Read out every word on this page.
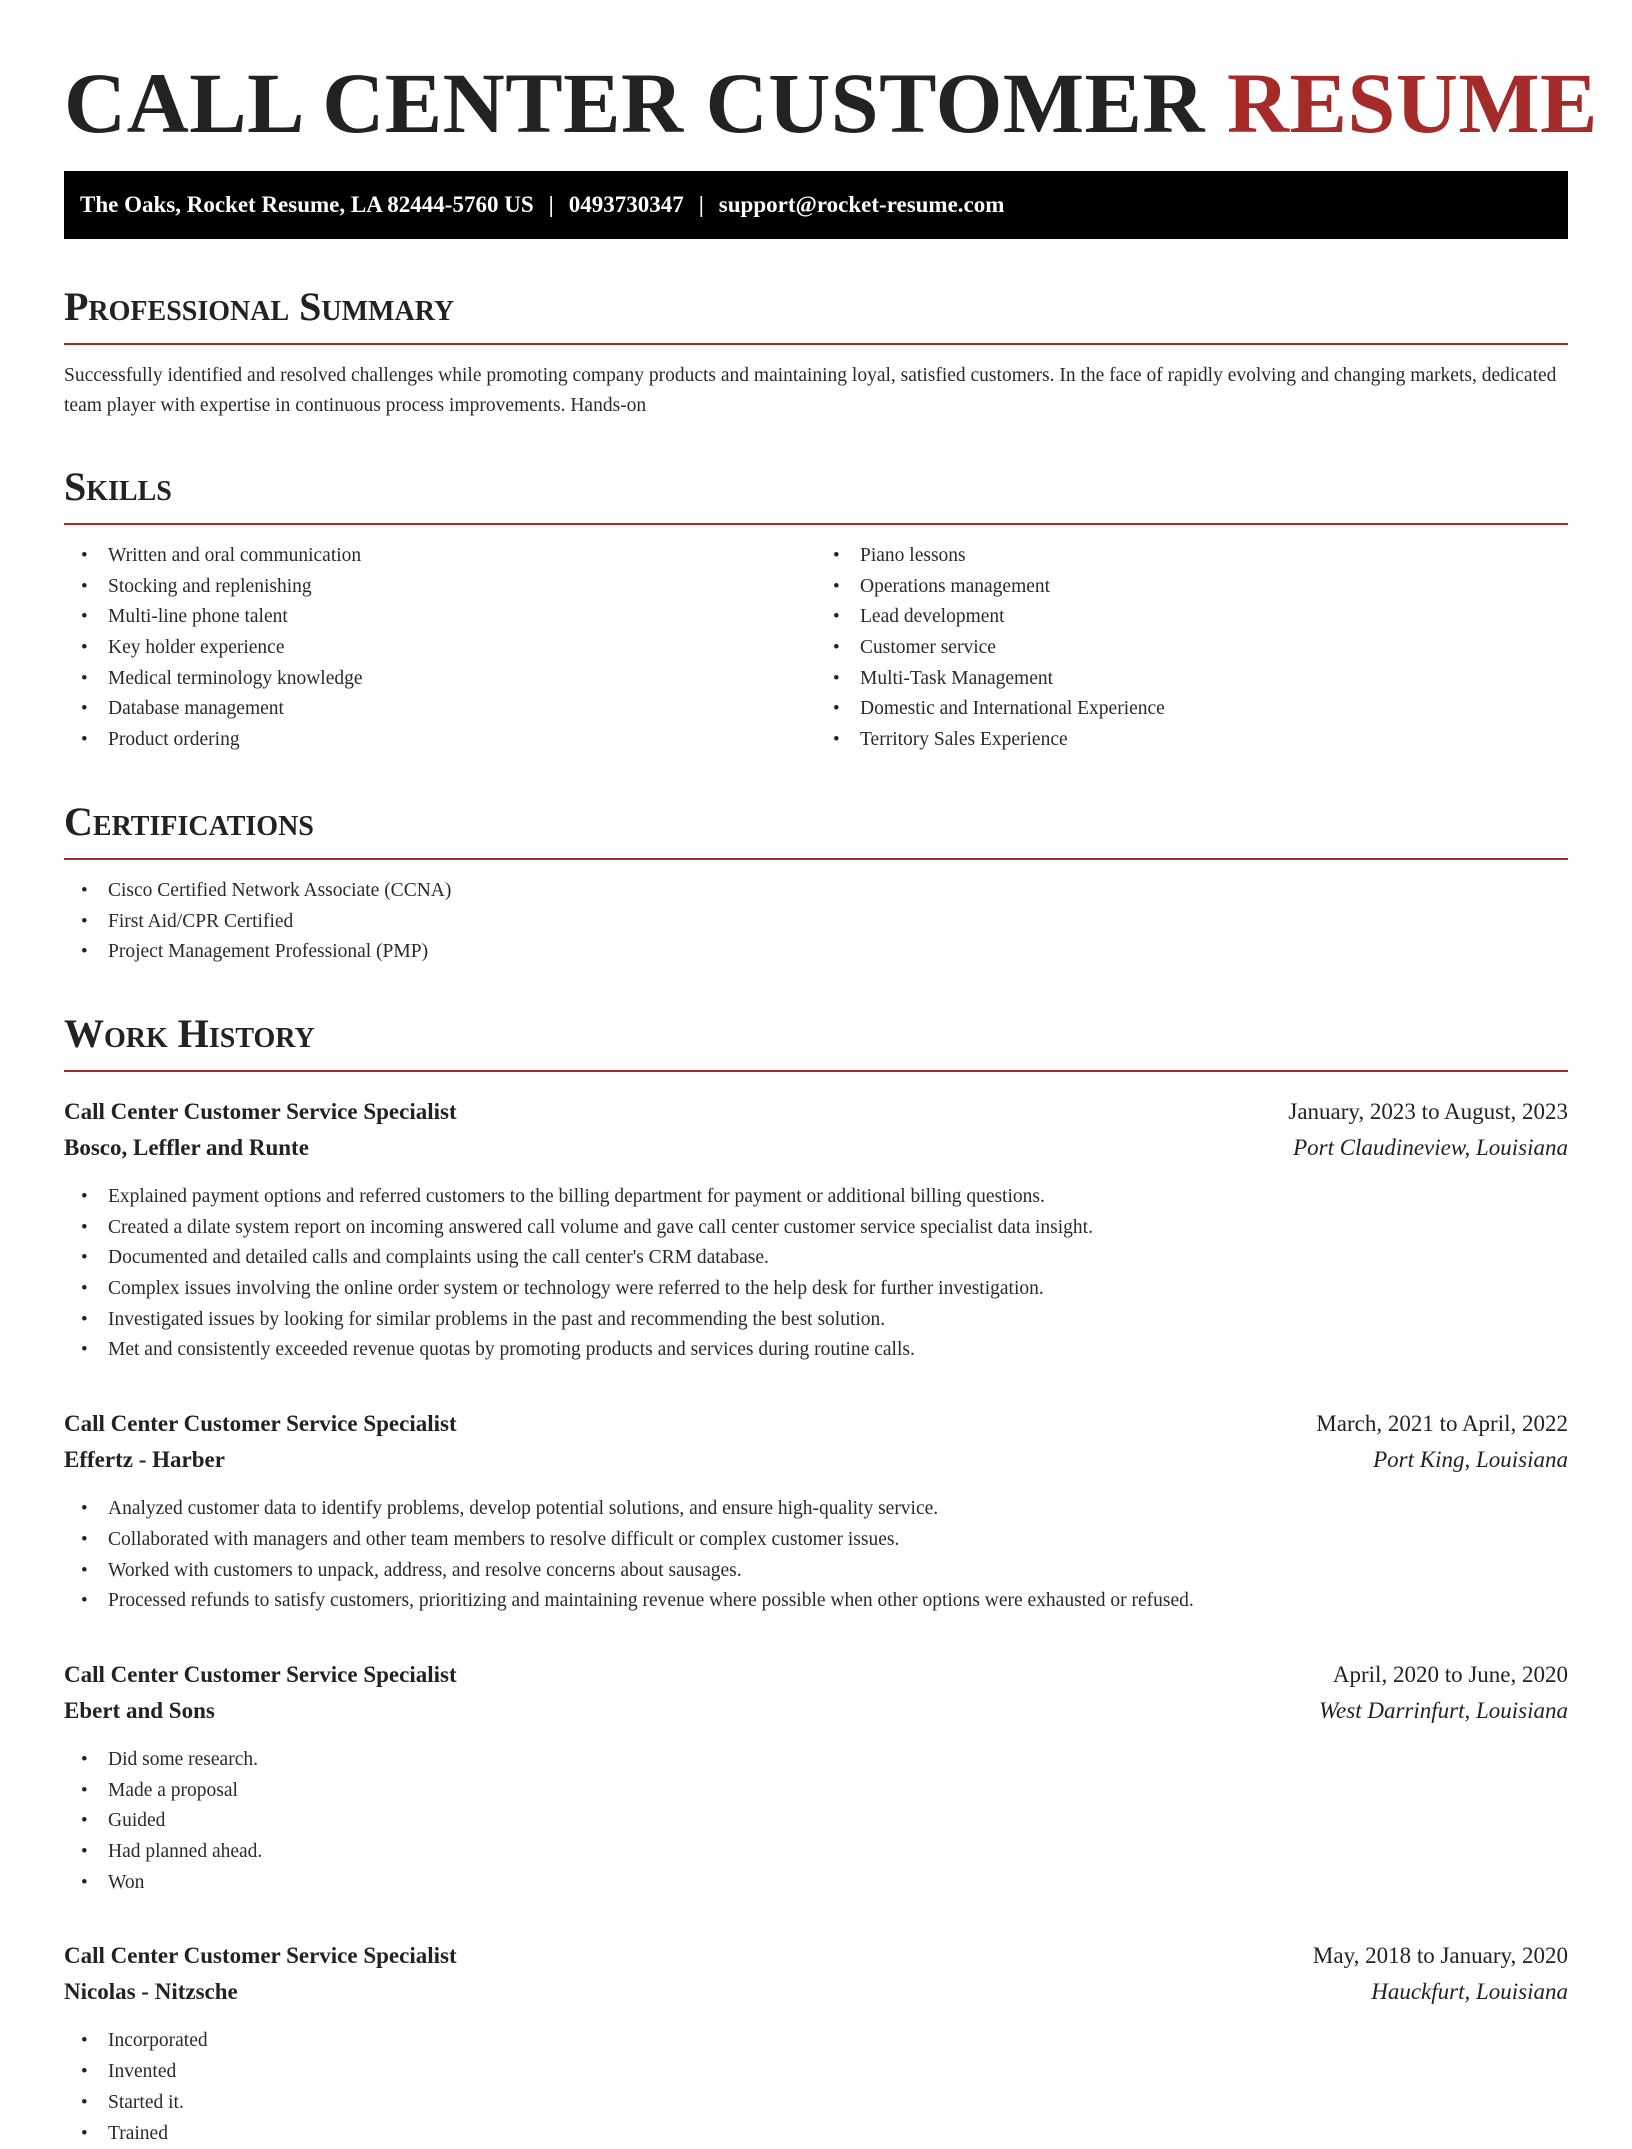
CALL CENTER CUSTOMER RESUME
The Oaks, Rocket Resume, LA 82444-5760 US | 0493730347 | support@rocket-resume.com
Professional Summary

Successfully identified and resolved challenges while promoting company products and maintaining loyal, satisfied customers. In the face of rapidly evolving and changing markets, dedicated team player with expertise in continuous process improvements. Hands-on

Skills
• Written and oral communication
• Stocking and replenishing
• Multi-line phone talent
• Key holder experience
• Medical terminology knowledge
• Database management
• Product ordering
• Piano lessons
• Operations management
• Lead development
• Customer service
• Multi-Task Management
• Domestic and International Experience
• Territory Sales Experience
Certifications
• Cisco Certified Network Associate (CCNA)
• First Aid/CPR Certified
• Project Management Professional (PMP)
Work History
Call Center Customer Service Specialist	January, 2023 to August, 2023
Bosco, Leffler and Runte	Port Claudineview, Louisiana
• Explained payment options and referred customers to the billing department for payment or additional billing questions.
• Created a dilate system report on incoming answered call volume and gave call center customer service specialist data insight.
• Documented and detailed calls and complaints using the call center's CRM database.
• Complex issues involving the online order system or technology were referred to the help desk for further investigation.
• Investigated issues by looking for similar problems in the past and recommending the best solution.
• Met and consistently exceeded revenue quotas by promoting products and services during routine calls.
Call Center Customer Service Specialist	March, 2021 to April, 2022
Effertz - Harber	Port King, Louisiana
• Analyzed customer data to identify problems, develop potential solutions, and ensure high-quality service.
• Collaborated with managers and other team members to resolve difficult or complex customer issues.
• Worked with customers to unpack, address, and resolve concerns about sausages.
• Processed refunds to satisfy customers, prioritizing and maintaining revenue where possible when other options were exhausted or refused.
Call Center Customer Service Specialist	April, 2020 to June, 2020
Ebert and Sons	West Darrinfurt, Louisiana
• Did some research.
• Made a proposal
• Guided
• Had planned ahead.
• Won
Call Center Customer Service Specialist	May, 2018 to January, 2020
Nicolas - Nitzsche	Hauckfurt, Louisiana
• Incorporated
• Invented
• Started it.
• Trained
